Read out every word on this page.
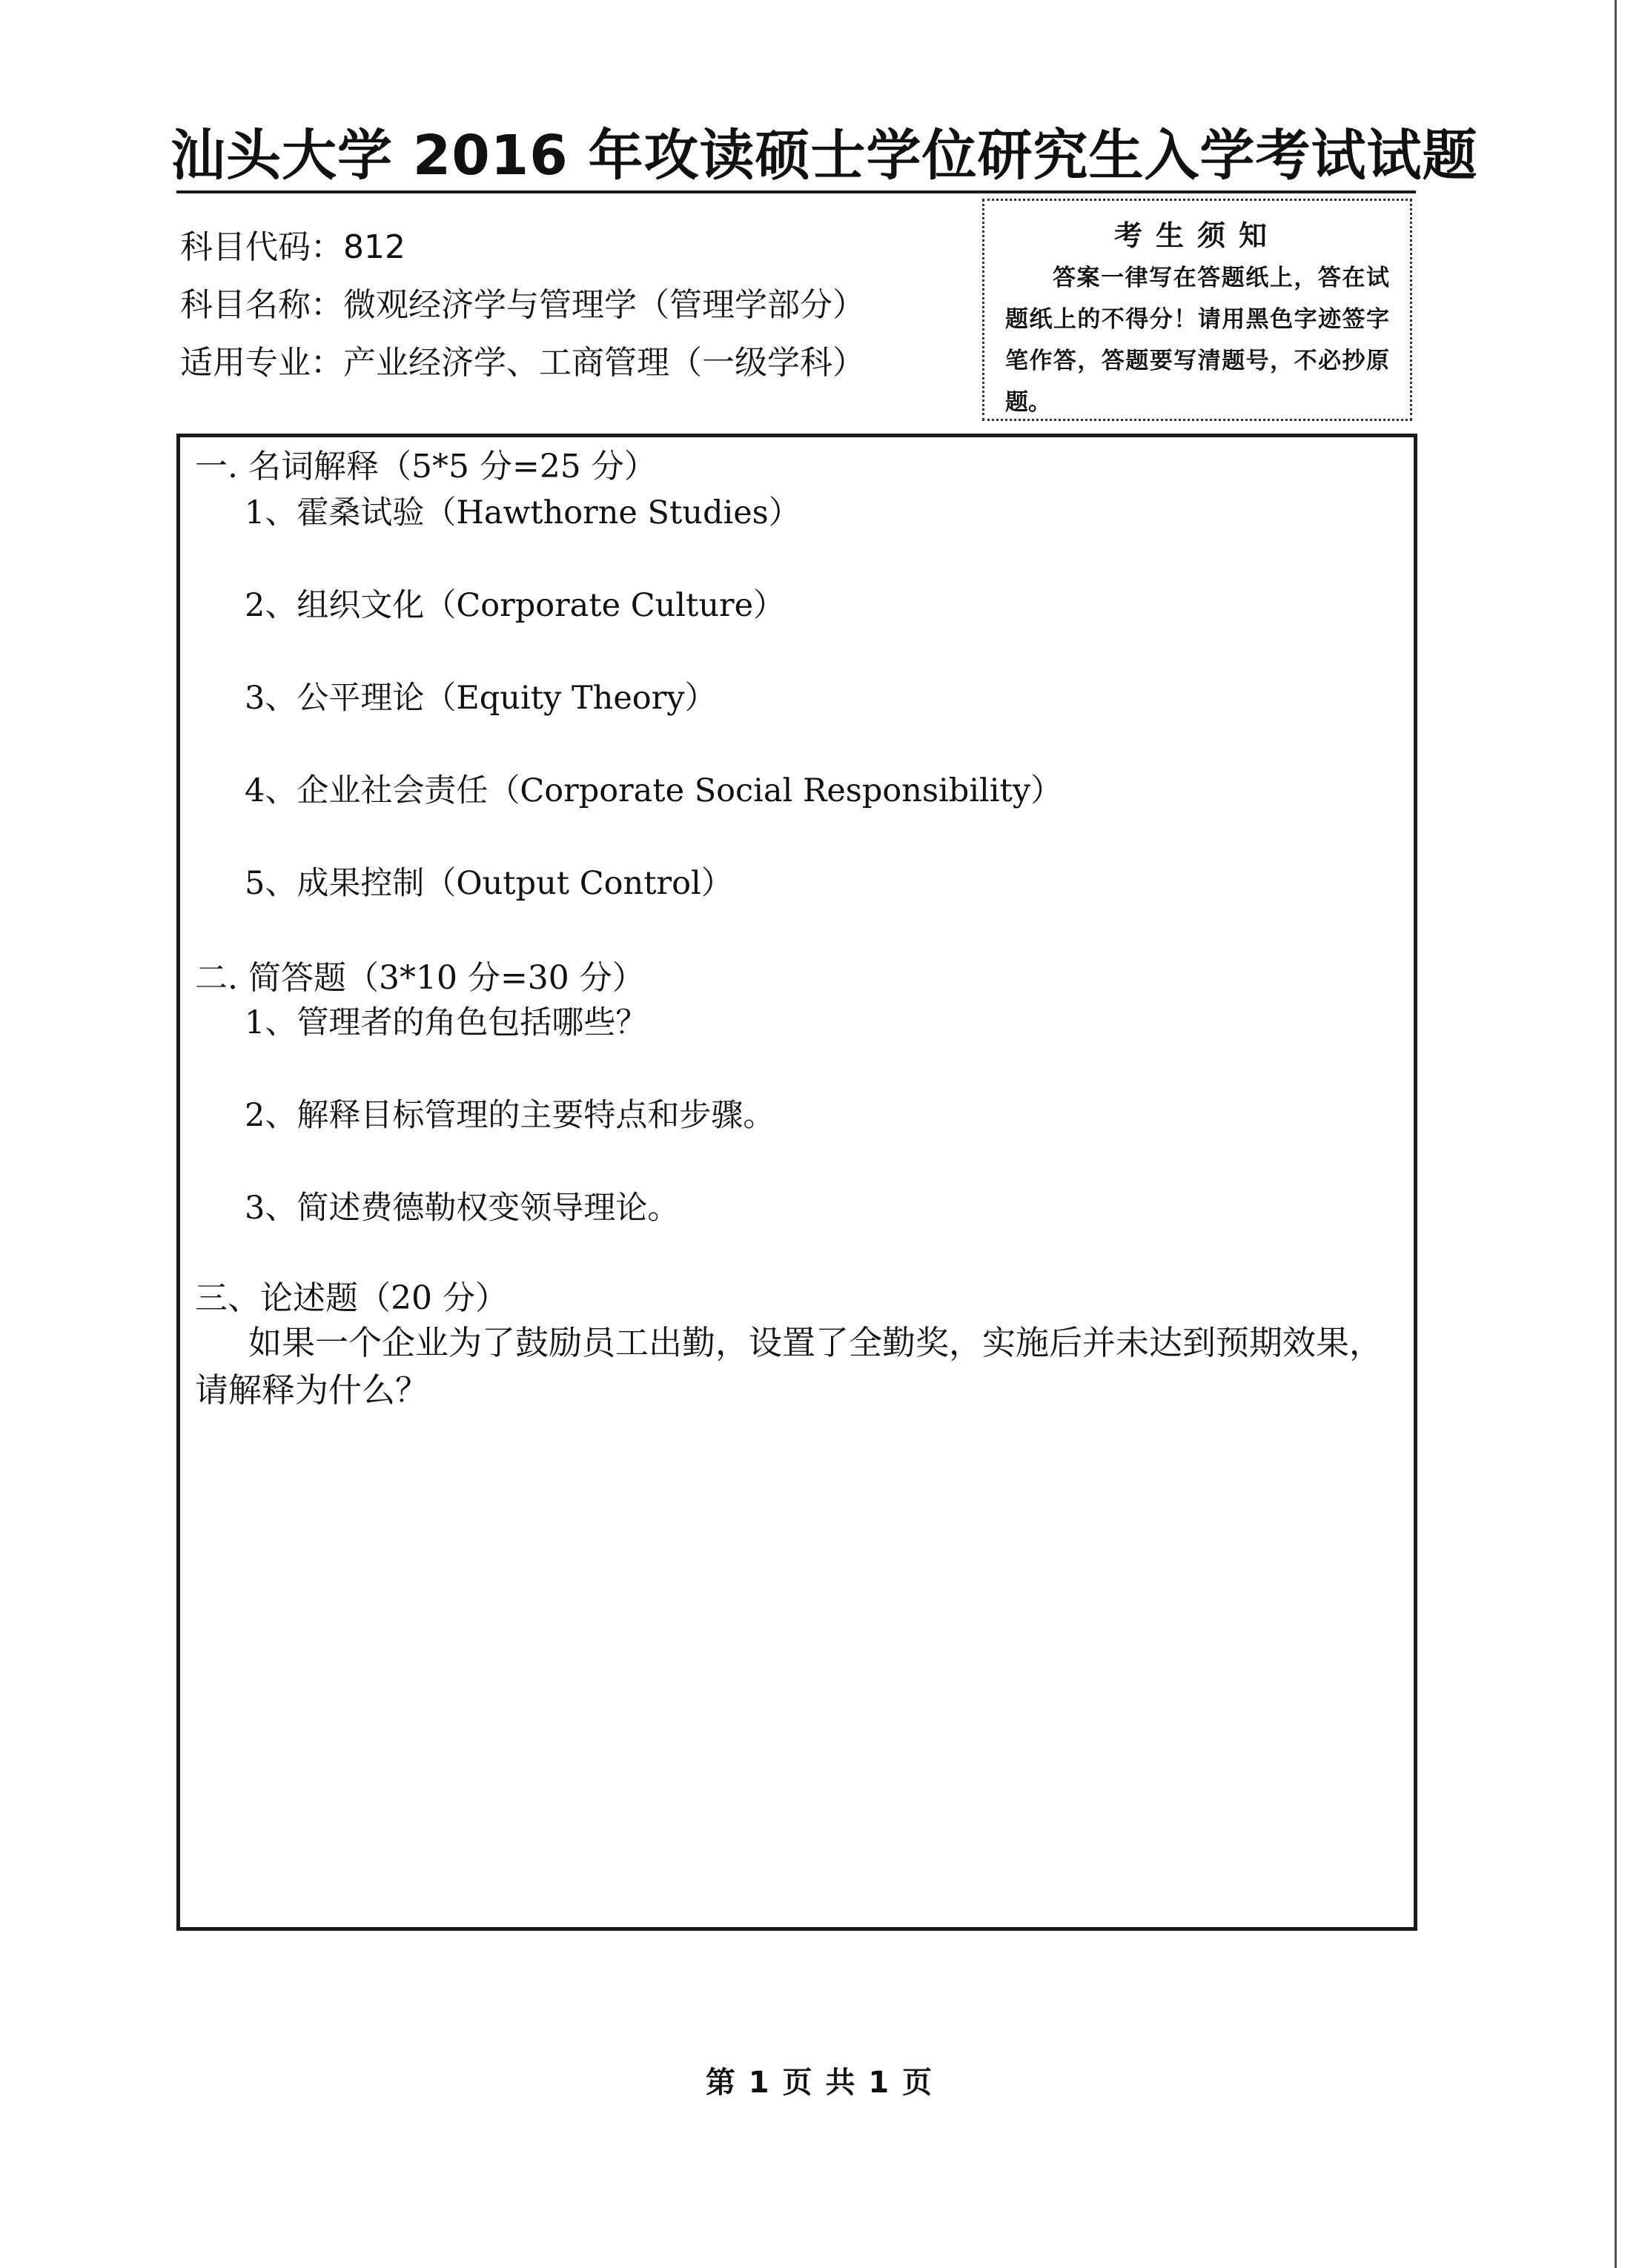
汕头大学 2016 年攻读硕士学位研究生入学考试试题
科目代码：812
科目名称：微观经济学与管理学（管理学部分）
适用专业：产业经济学、工商管理（一级学科）
考生须知
答案一律写在答题纸上，答在试题纸上的不得分！请用黑色字迹签字笔作答，答题要写清题号，不必抄原题。
一. 名词解释（5*5 分=25 分）
1、霍桑试验（Hawthorne Studies）
2、组织文化（Corporate Culture）
3、公平理论（Equity Theory）
4、企业社会责任（Corporate Social Responsibility）
5、成果控制（Output Control）
二. 简答题（3*10 分=30 分）
1、管理者的角色包括哪些？
2、解释目标管理的主要特点和步骤。
3、简述费德勒权变领导理论。
三、论述题（20 分）
如果一个企业为了鼓励员工出勤，设置了全勤奖，实施后并未达到预期效果，请解释为什么？
第 1 页 共 1 页
